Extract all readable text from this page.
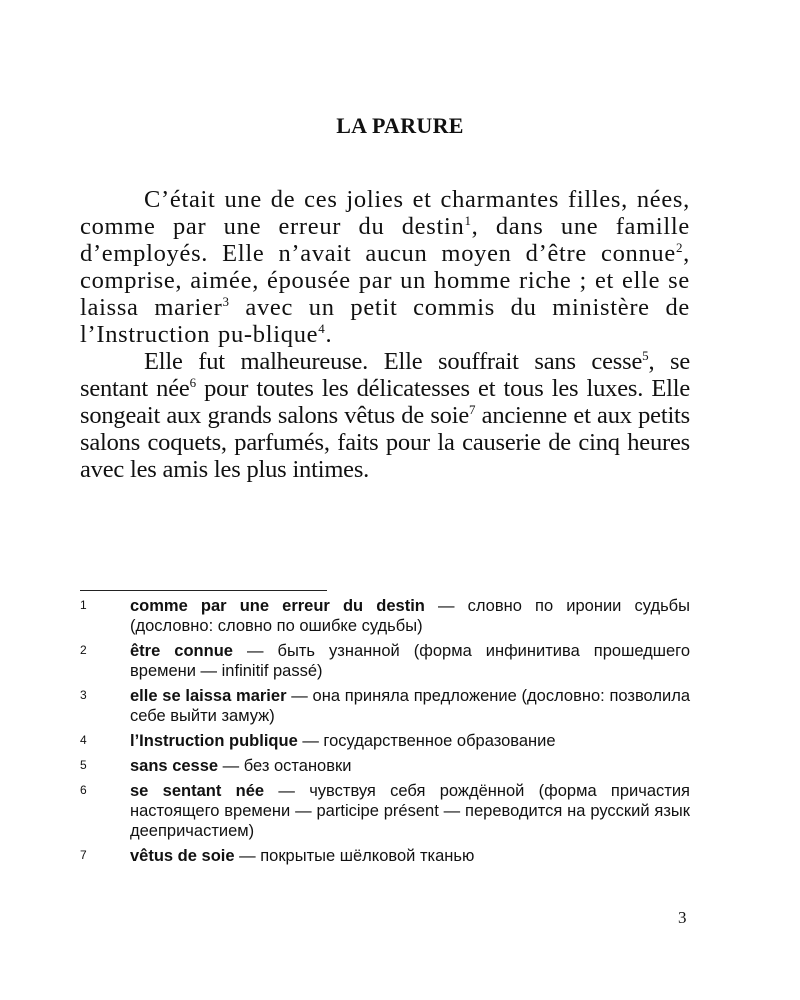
LA PARURE

C’était une de ces jolies et charmantes filles, nées, comme par une erreur du destin$^1$, dans une famille d’employés. Elle n’avait aucun moyen d’être connue$^2$, comprise, aimée, épousée par un homme riche ; et elle se laissa marier$^3$ avec un petit commis du ministère de l’Instruction pu-blique$^4$.

Elle fut malheureuse. Elle souffrait sans cesse$^5$, se sentant née$^6$ pour toutes les délicatesses et tous les luxes. Elle songeait aux grands salons vêtus de soie$^7$ ancienne et aux petits salons coquets, parfumés, faits pour la causerie de cinq heures avec les amis les plus intimes.

1	comme par une erreur du destin — словно по иронии судьбы (дословно: словно по ошибке судьбы)
2	être connue — быть узнанной (форма инфинитива прошедшего времени — infinitif passé)
3	elle se laissa marier — она приняла предложение (дословно: позволила себе выйти замуж)
4	l’Instruction publique — государственное образование
5	sans cesse — без остановки
6	se sentant née — чувствуя себя рождённой (форма причастия настоящего времени — participe présent — переводится на русский язык деепричастием)
7	vêtus de soie — покрытые шёлковой тканью
3
